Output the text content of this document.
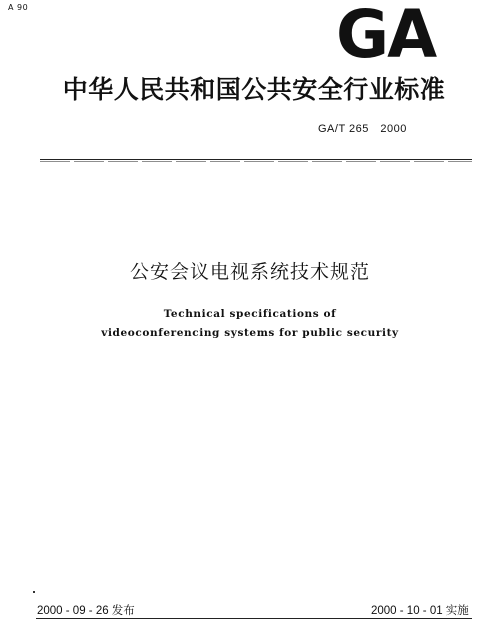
A 90	GA
中华人民共和国公共安全行业标准
GA/T 265　2000
公安会议电视系统技术规范
Technical specifications of
videoconferencing systems for public security
2000 - 09 - 26 发布	2000 - 10 - 01 实施
